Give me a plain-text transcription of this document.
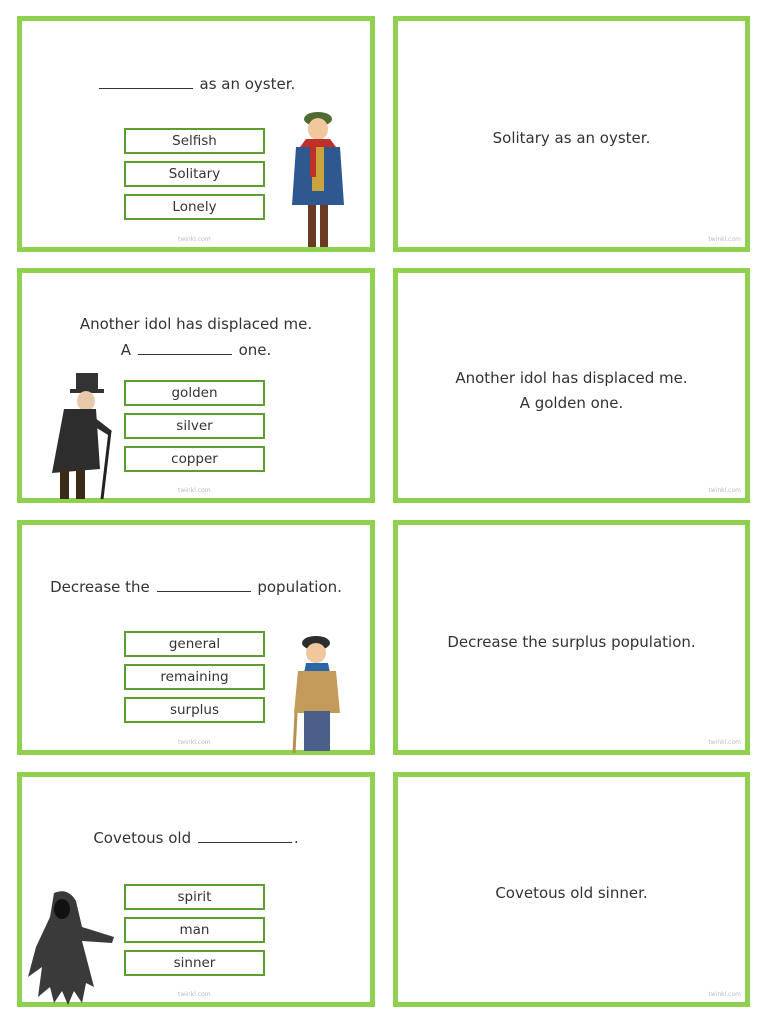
as an oyster.
Selfish
Solitary
Lonely
twinkl.com
Solitary as an oyster.
twinkl.com
Another idol has displaced me.
A	one.
golden
silver
copper
twinkl.com
Another idol has displaced me.
A golden one.
twinkl.com
Decrease the	population.
general
remaining
surplus
twinkl.com
Decrease the surplus population.
twinkl.com
Covetous old	.
spirit
man
sinner
twinkl.com
Covetous old sinner.
twinkl.com
